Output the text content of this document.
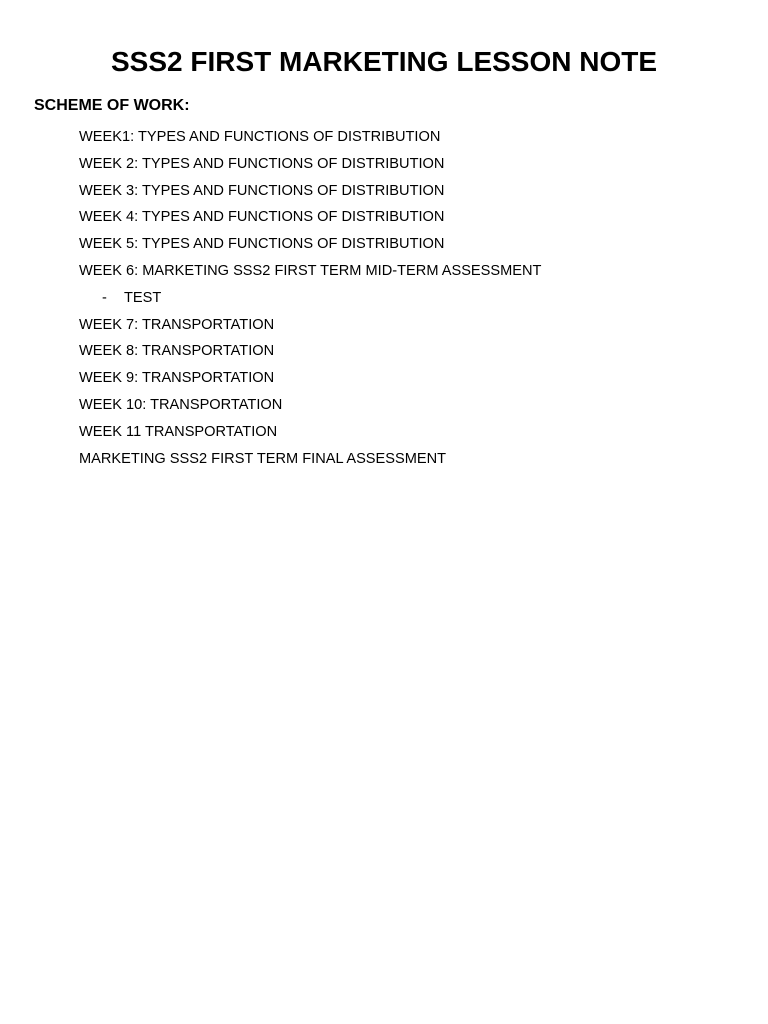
SSS2 FIRST MARKETING LESSON NOTE
SCHEME OF WORK:
WEEK1: TYPES AND FUNCTIONS OF DISTRIBUTION
WEEK 2: TYPES AND FUNCTIONS OF DISTRIBUTION
WEEK 3: TYPES AND FUNCTIONS OF DISTRIBUTION
WEEK 4: TYPES AND FUNCTIONS OF DISTRIBUTION
WEEK 5: TYPES AND FUNCTIONS OF DISTRIBUTION
WEEK 6: MARKETING SSS2 FIRST TERM MID-TERM ASSESSMENT
- TEST
WEEK 7: TRANSPORTATION
WEEK 8: TRANSPORTATION
WEEK 9: TRANSPORTATION
WEEK 10: TRANSPORTATION
WEEK 11 TRANSPORTATION
MARKETING SSS2 FIRST TERM FINAL ASSESSMENT
